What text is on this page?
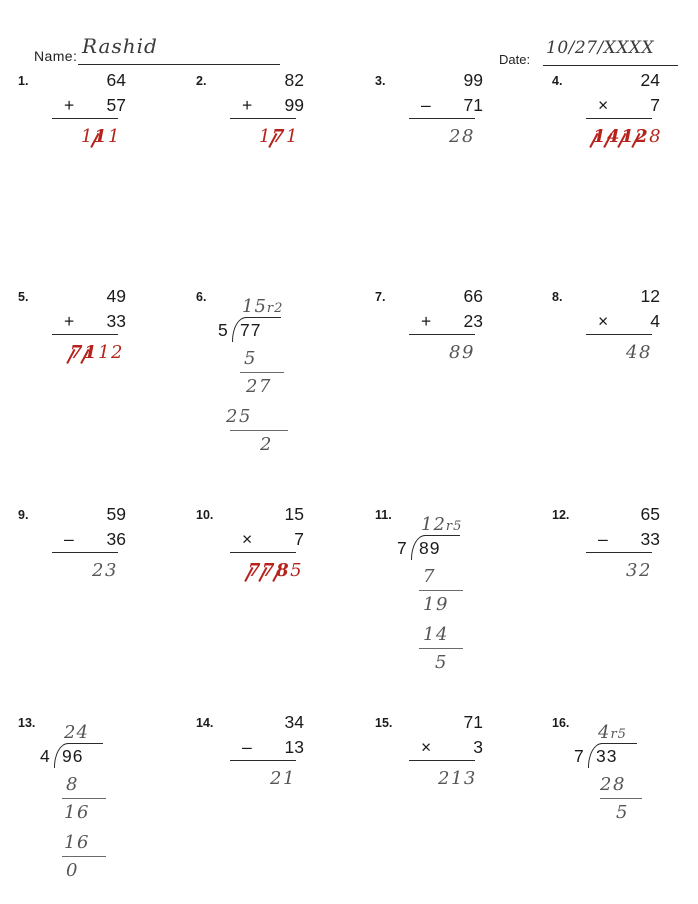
Name: Rashid
Date:
10/27/XXXX
1.	64
+ 57
111
2.	82
+ 99
171
3.	99
– 71
28
4.	24
× 7
14128
5.	49
+ 33
7112
6. 15r2
5 77
5
27
25
2
7.	66
+ 23
89
8.	12
× 4
48
9.	59
– 36
23
10.	15
× 7
7785
11. 12r5
7 89
7
19
14
5
12.	65
– 33
32
13. 24
4 96
8
16
16
0
14.	34
– 13
21
15.	71
× 3
213
16. 4r5
7 33
28
5
